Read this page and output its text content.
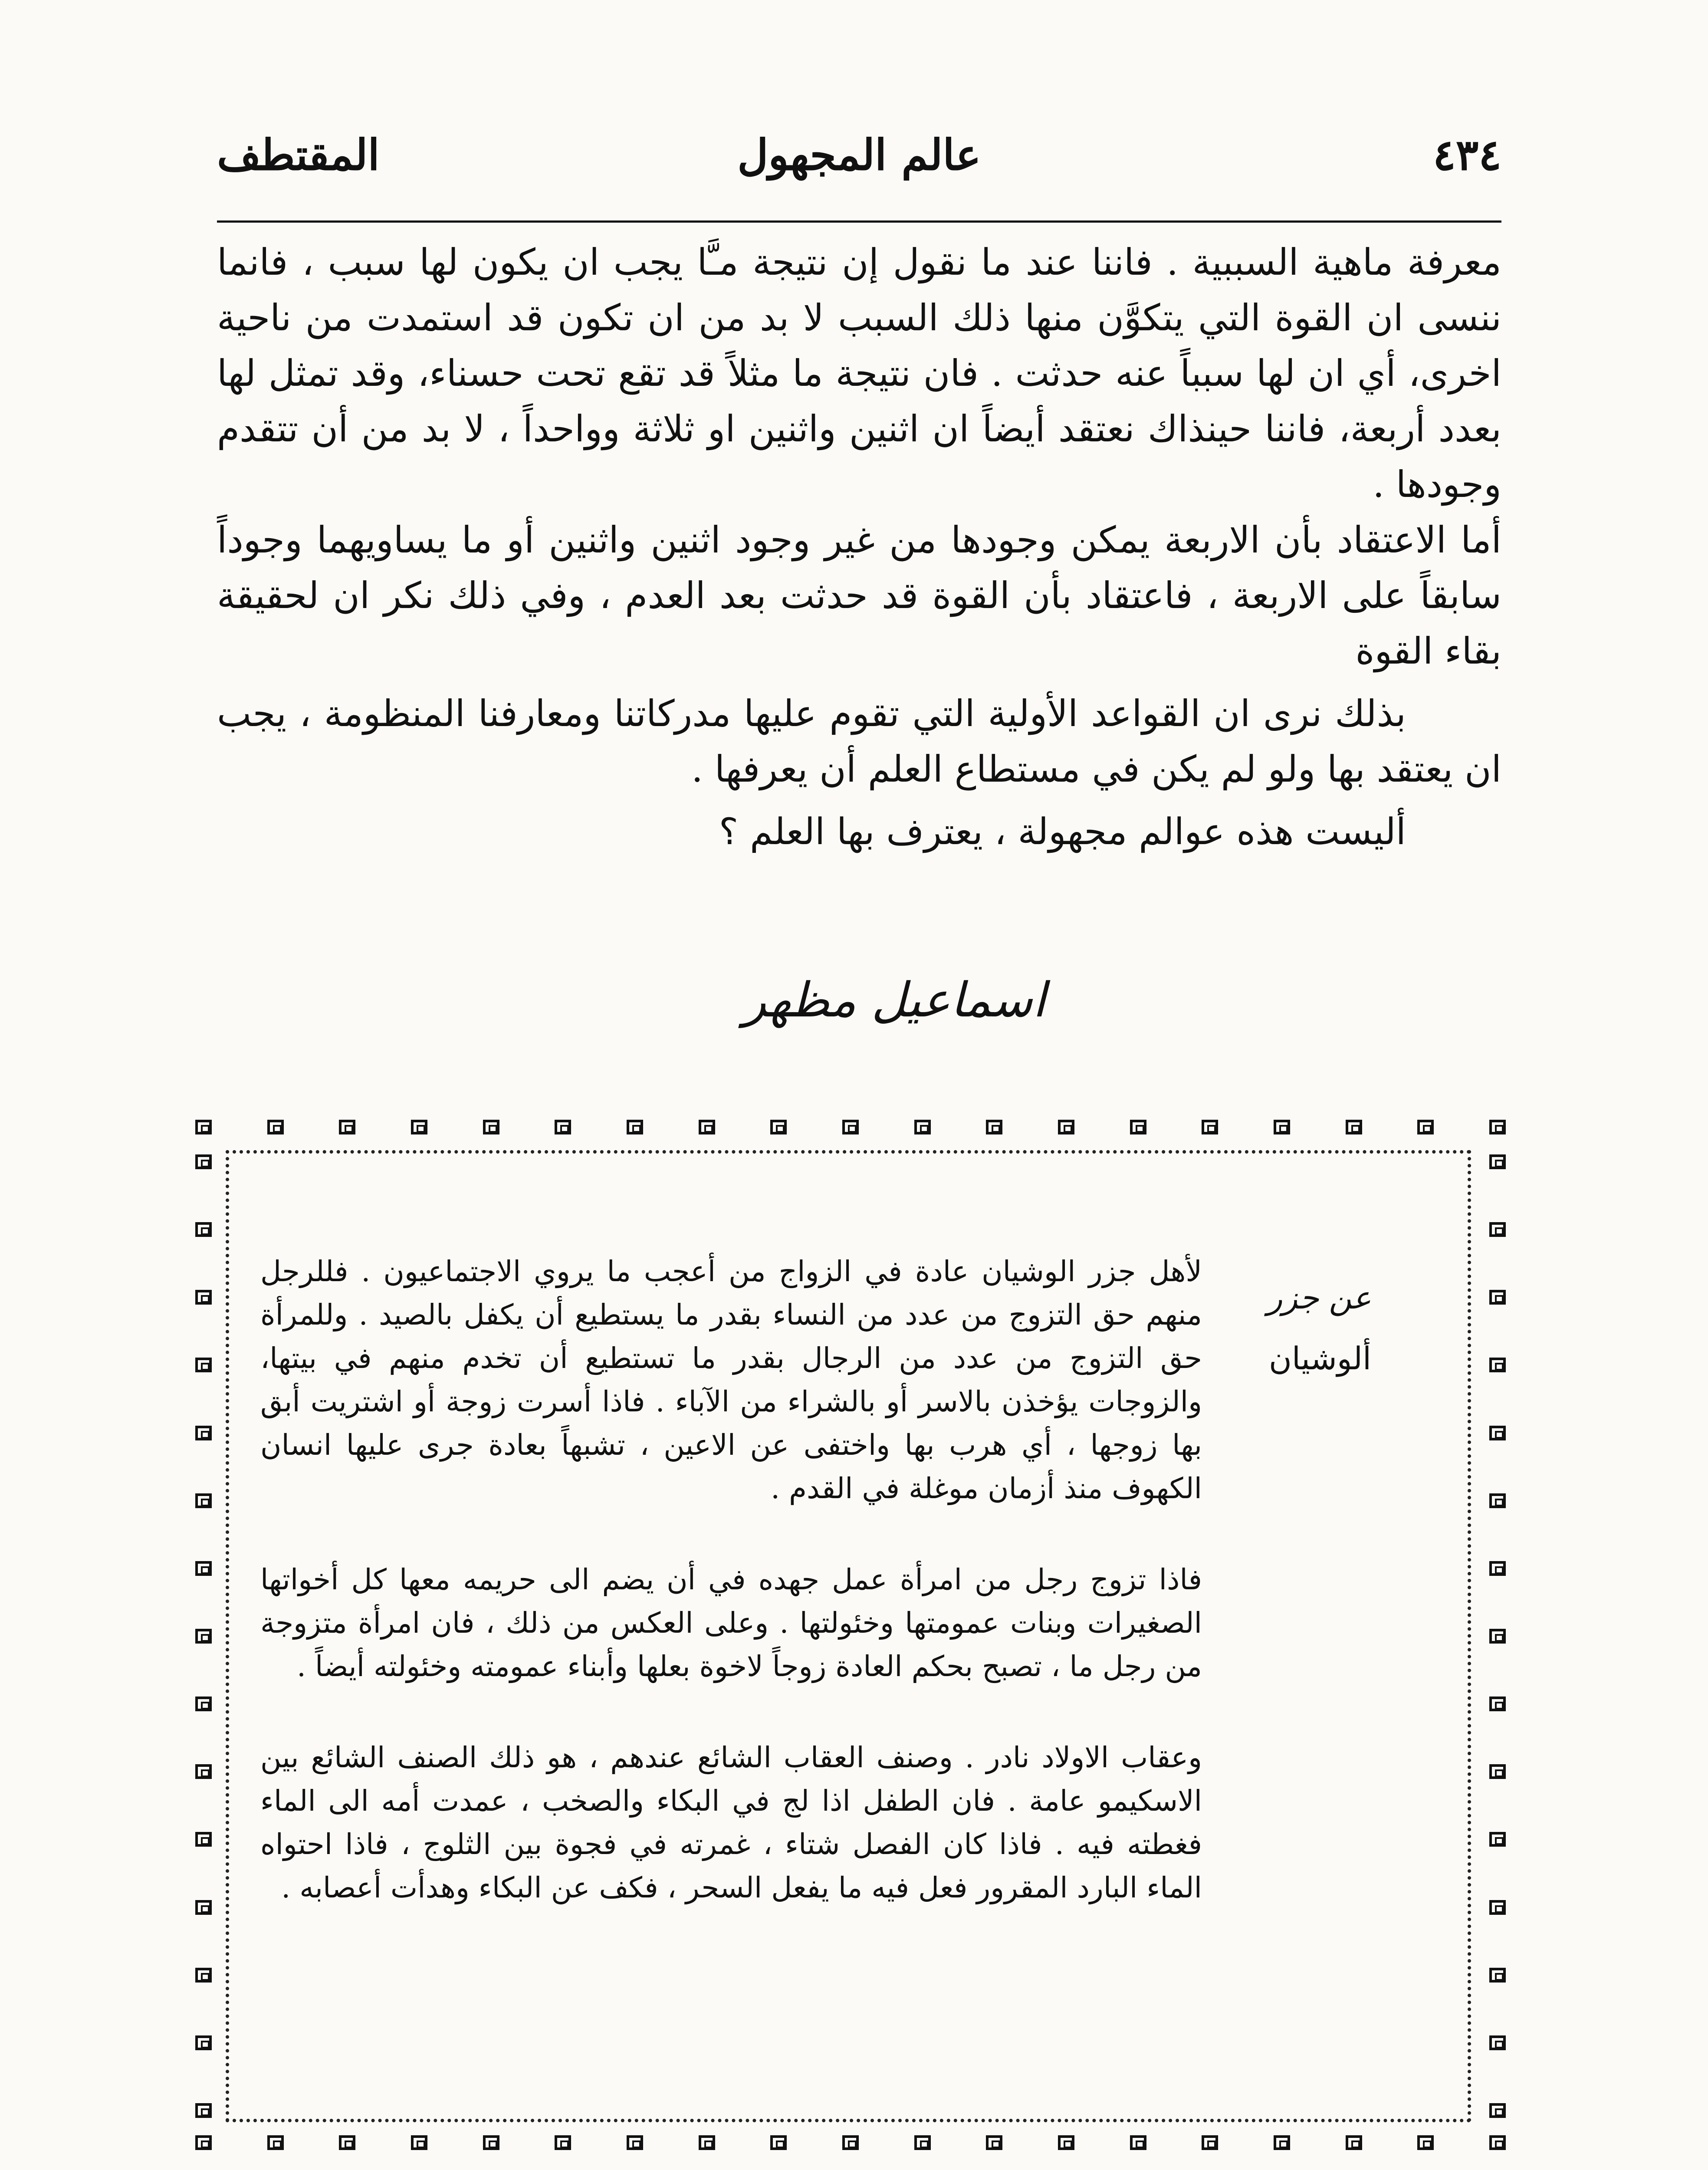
٤٣٤
عالم المجهول
المقتطف

معرفة ماهية السببية . فاننا عند ما نقول إن نتيجة مـَّا يجب ان يكون لها سبب ، فانما ننسى ان القوة التي يتكوَّن منها ذلك السبب لا بد من ان تكون قد استمدت من ناحية اخرى، أي ان لها سبباً عنه حدثت . فان نتيجة ما مثلاً قد تقع تحت حسناء، وقد تمثل لها بعدد أربعة، فاننا حينذاك نعتقد أيضاً ان اثنين واثنين او ثلاثة وواحداً ، لا بد من أن تتقدم وجودها .

أما الاعتقاد بأن الاربعة يمكن وجودها من غير وجود اثنين واثنين أو ما يساويهما وجوداً سابقاً على الاربعة ، فاعتقاد بأن القوة قد حدثت بعد العدم ، وفي ذلك نكر ان لحقيقة بقاء القوة

بذلك نرى ان القواعد الأولية التي تقوم عليها مدركاتنا ومعارفنا المنظومة ، يجب ان يعتقد بها ولو لم يكن في مستطاع العلم أن يعرفها .

أليست هذه عوالم مجهولة ، يعترف بها العلم ؟

اسماعيل مظهر
عن جزر
ألوشيان

لأهل جزر الوشيان عادة في الزواج من أعجب ما يروي الاجتماعيون . فللرجل منهم حق التزوج من عدد من النساء بقدر ما يستطيع أن يكفل بالصيد . وللمرأة حق التزوج من عدد من الرجال بقدر ما تستطيع أن تخدم منهم في بيتها، والزوجات يؤخذن بالاسر أو بالشراء من الآباء . فاذا أسرت زوجة أو اشتريت أبق بها زوجها ، أي هرب بها واختفى عن الاعين ، تشبهاً بعادة جرى عليها انسان الكهوف منذ أزمان موغلة في القدم .

فاذا تزوج رجل من امرأة عمل جهده في أن يضم الى حريمه معها كل أخواتها الصغيرات وبنات عمومتها وخئولتها . وعلى العكس من ذلك ، فان امرأة متزوجة من رجل ما ، تصبح بحكم العادة زوجاً لاخوة بعلها وأبناء عمومته وخئولته أيضاً .

وعقاب الاولاد نادر . وصنف العقاب الشائع عندهم ، هو ذلك الصنف الشائع بين الاسكيمو عامة . فان الطفل اذا لج في البكاء والصخب ، عمدت أمه الى الماء فغطته فيه . فاذا كان الفصل شتاء ، غمرته في فجوة بين الثلوج ، فاذا احتواه الماء البارد المقرور فعل فيه ما يفعل السحر ، فكف عن البكاء وهدأت أعصابه .
